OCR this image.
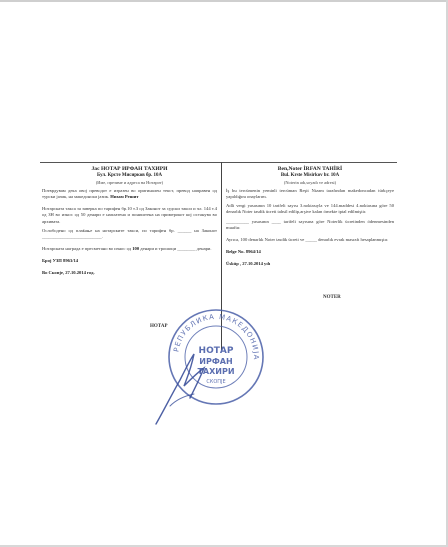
Јас НОТАР ИРФАН ТАХИРИ
Бул. Крсте Мисирков бр. 10А
(Име, презиме и адреса на Нотарот)
Потврдувам дека овој преводот е изразен во оригинален текст, превод направен од турски јазик, на македонски јазик. Низам Решит
Нотарската такса за заверка по тарифен бр.10 т.3 од Законот за судски такси и чл. 144 т.4 од ЗН во износ од 50 денари е наплатена и поништена на примерокот кој останува во архивата.
Ослободено од плаќање на нотарските такси, по тарифен бр. ______ на Законот __________________________.
Нотарската награда е пресметано во износ од 100 денари и трошоци ________ денари.
Број УЗП 8963/14
Во Скопје, 27.10.2014 год.
Ben,Noter İRFAN TAHİRİ
Bul. Krste Misirkov br. 10A
(Noterin adı,soyadı ve adresi)
İş bu tercümenin yeminli tercüman Reşit Nizam tarafından makedoncadan türkçeye yapıldığını onaylarım.
Adli vergi yasasının 10 tarifeli sayısı 3.noktasıyla ve 144.maddesi 4.noktasına göre 50 denarlık Noter tasdik ücreti tahsil edilip,arşive kalan örnekte iptal edilmiştir.
__________ yasasının ____ tarifeli sayısına göre Noterlik ücretinden ödenmesinden muaftır.
Ayrıca, 100 denarlık Noter tasdik ücreti ve _____ denarlık evrak masrafı hesaplanmıştır.
Belge No. 8964/14
Üsküp , 27.10.2014 yılı
НОТАР
NOTER
РЕПУБЛИКА МАКЕДОНИЈА
НОТАР
ИРФАН
ТАХИРИ
СКОПЈЕ
